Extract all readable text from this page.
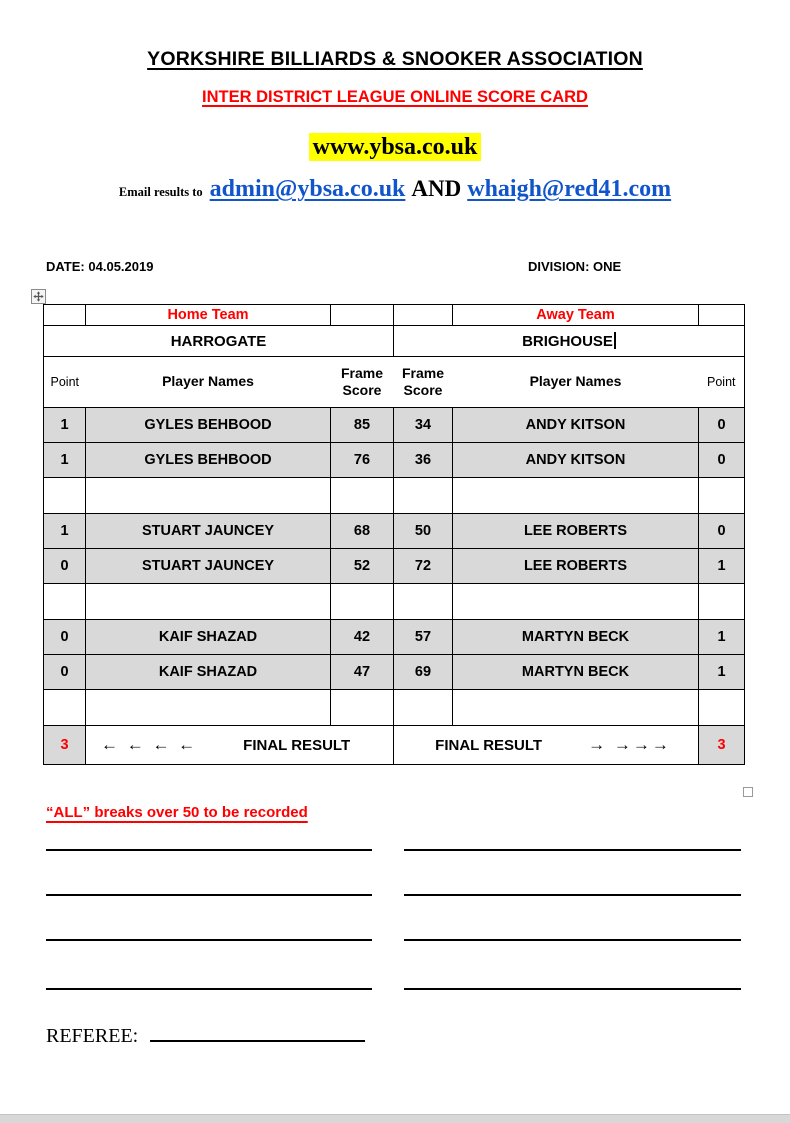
YORKSHIRE BILLIARDS & SNOOKER ASSOCIATION
INTER DISTRICT LEAGUE ONLINE SCORE CARD
www.ybsa.co.uk
Email results to admin@ybsa.co.uk AND whaigh@red41.com
DATE: 04.05.2019	DIVISION: ONE
	Home Team			Away Team	
HARROGATE			BRIGHOUSE		
Point	Player Names	Frame Score	Frame Score	Player Names	Point
1	GYLES BEHBOOD	85	34	ANDY KITSON	0
1	GYLES BEHBOOD	76	36	ANDY KITSON	0

1	STUART JAUNCEY	68	50	LEE ROBERTS	0
0	STUART JAUNCEY	52	72	LEE ROBERTS	1

0	KAIF SHAZAD	42	57	MARTYN BECK	1
0	KAIF SHAZAD	47	69	MARTYN BECK	1

3	← ← ← ← FINAL RESULT		FINAL RESULT → →→→		3
“ALL” breaks over 50 to be recorded
REFEREE:
